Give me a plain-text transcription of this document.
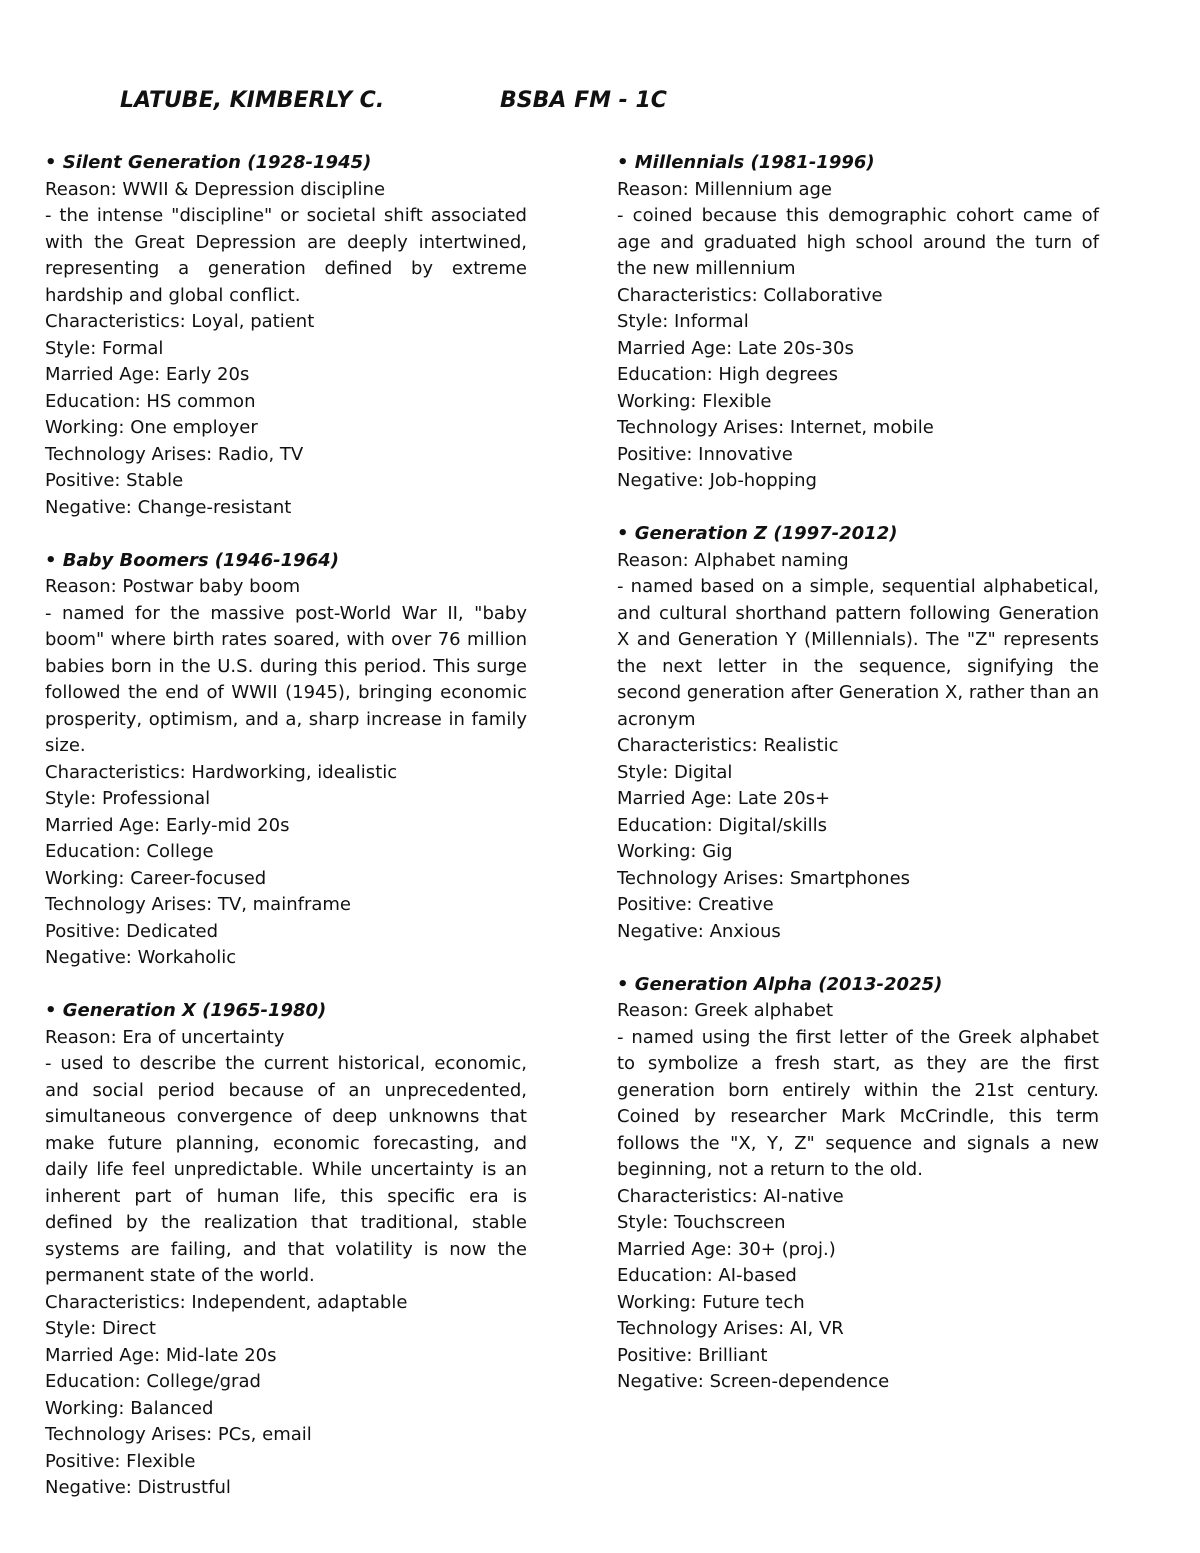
LATUBE, KIMBERLY C.	BSBA FM - 1C
• Silent Generation (1928-1945)
Reason: WWII & Depression discipline
- the intense "discipline" or societal shift associated with the Great Depression are deeply intertwined, representing a generation defined by extreme hardship and global conflict.
Characteristics: Loyal, patient
Style: Formal
Married Age: Early 20s
Education: HS common
Working: One employer
Technology Arises: Radio, TV
Positive: Stable
Negative: Change-resistant
• Baby Boomers (1946-1964)
Reason: Postwar baby boom
- named for the massive post-World War II, "baby boom" where birth rates soared, with over 76 million babies born in the U.S. during this period. This surge followed the end of WWII (1945), bringing economic prosperity, optimism, and a, sharp increase in family size.
Characteristics: Hardworking, idealistic
Style: Professional
Married Age: Early-mid 20s
Education: College
Working: Career-focused
Technology Arises: TV, mainframe
Positive: Dedicated
Negative: Workaholic
• Generation X (1965-1980)
Reason: Era of uncertainty
- used to describe the current historical, economic, and social period because of an unprecedented, simultaneous convergence of deep unknowns that make future planning, economic forecasting, and daily life feel unpredictable. While uncertainty is an inherent part of human life, this specific era is defined by the realization that traditional, stable systems are failing, and that volatility is now the permanent state of the world.
Characteristics: Independent, adaptable
Style: Direct
Married Age: Mid-late 20s
Education: College/grad
Working: Balanced
Technology Arises: PCs, email
Positive: Flexible
Negative: Distrustful
• Millennials (1981-1996)
Reason: Millennium age
- coined because this demographic cohort came of age and graduated high school around the turn of the new millennium
Characteristics: Collaborative
Style: Informal
Married Age: Late 20s-30s
Education: High degrees
Working: Flexible
Technology Arises: Internet, mobile
Positive: Innovative
Negative: Job-hopping
• Generation Z (1997-2012)
Reason: Alphabet naming
- named based on a simple, sequential alphabetical, and cultural shorthand pattern following Generation X and Generation Y (Millennials). The "Z" represents the next letter in the sequence, signifying the second generation after Generation X, rather than an acronym
Characteristics: Realistic
Style: Digital
Married Age: Late 20s+
Education: Digital/skills
Working: Gig
Technology Arises: Smartphones
Positive: Creative
Negative: Anxious
• Generation Alpha (2013-2025)
Reason: Greek alphabet
- named using the first letter of the Greek alphabet to symbolize a fresh start, as they are the first generation born entirely within the 21st century. Coined by researcher Mark McCrindle, this term follows the "X, Y, Z" sequence and signals a new beginning, not a return to the old.
Characteristics: AI-native
Style: Touchscreen
Married Age: 30+ (proj.)
Education: AI-based
Working: Future tech
Technology Arises: AI, VR
Positive: Brilliant
Negative: Screen-dependence
